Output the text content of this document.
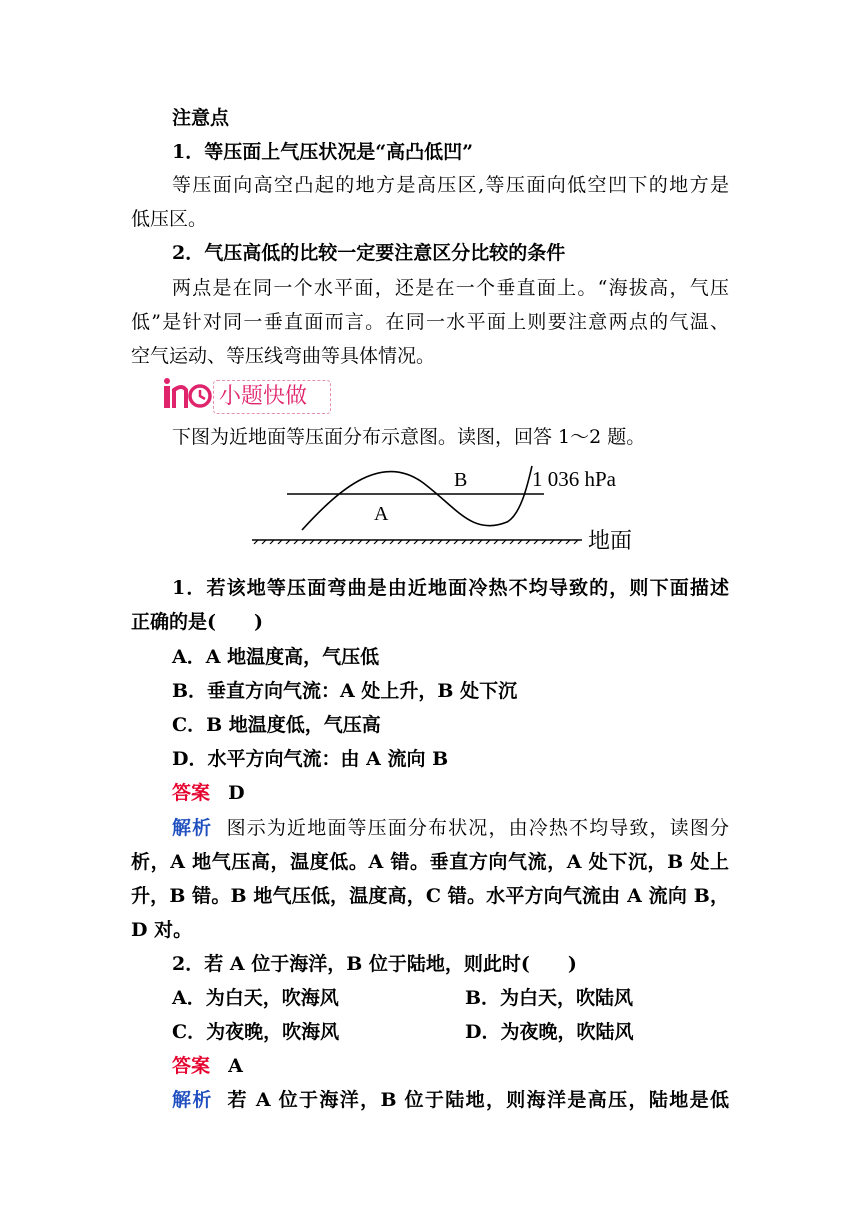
注意点
1．等压面上气压状况是“高凸低凹”
等压面向高空凸起的地方是高压区,等压面向低空凹下的地方是
低压区。
2．气压高低的比较一定要注意区分比较的条件
两点是在同一个水平面，还是在一个垂直面上。“海拔高，气压
低”是针对同一垂直面而言。在同一水平面上则要注意两点的气温、
空气运动、等压线弯曲等具体情况。
小题快做
下图为近地面等压面分布示意图。读图，回答 1～2 题。
A
B	1 036 hPa
地面
1．若该地等压面弯曲是由近地面冷热不均导致的，则下面描述
正确的是(　　)
A．A 地温度高，气压低
B．垂直方向气流：A 处上升，B 处下沉
C．B 地温度低，气压高
D．水平方向气流：由 A 流向 B
答案 D
解析 图示为近地面等压面分布状况，由冷热不均导致，读图分
析，A 地气压高，温度低。A 错。垂直方向气流，A 处下沉，B 处上
升，B 错。B 地气压低，温度高，C 错。水平方向气流由 A 流向 B，
D 对。
2．若 A 位于海洋，B 位于陆地，则此时(　　)
A．为白天，吹海风	B．为白天，吹陆风
C．为夜晚，吹海风	D．为夜晚，吹陆风
答案 A
解析 若 A 位于海洋，B 位于陆地，则海洋是高压，陆地是低
